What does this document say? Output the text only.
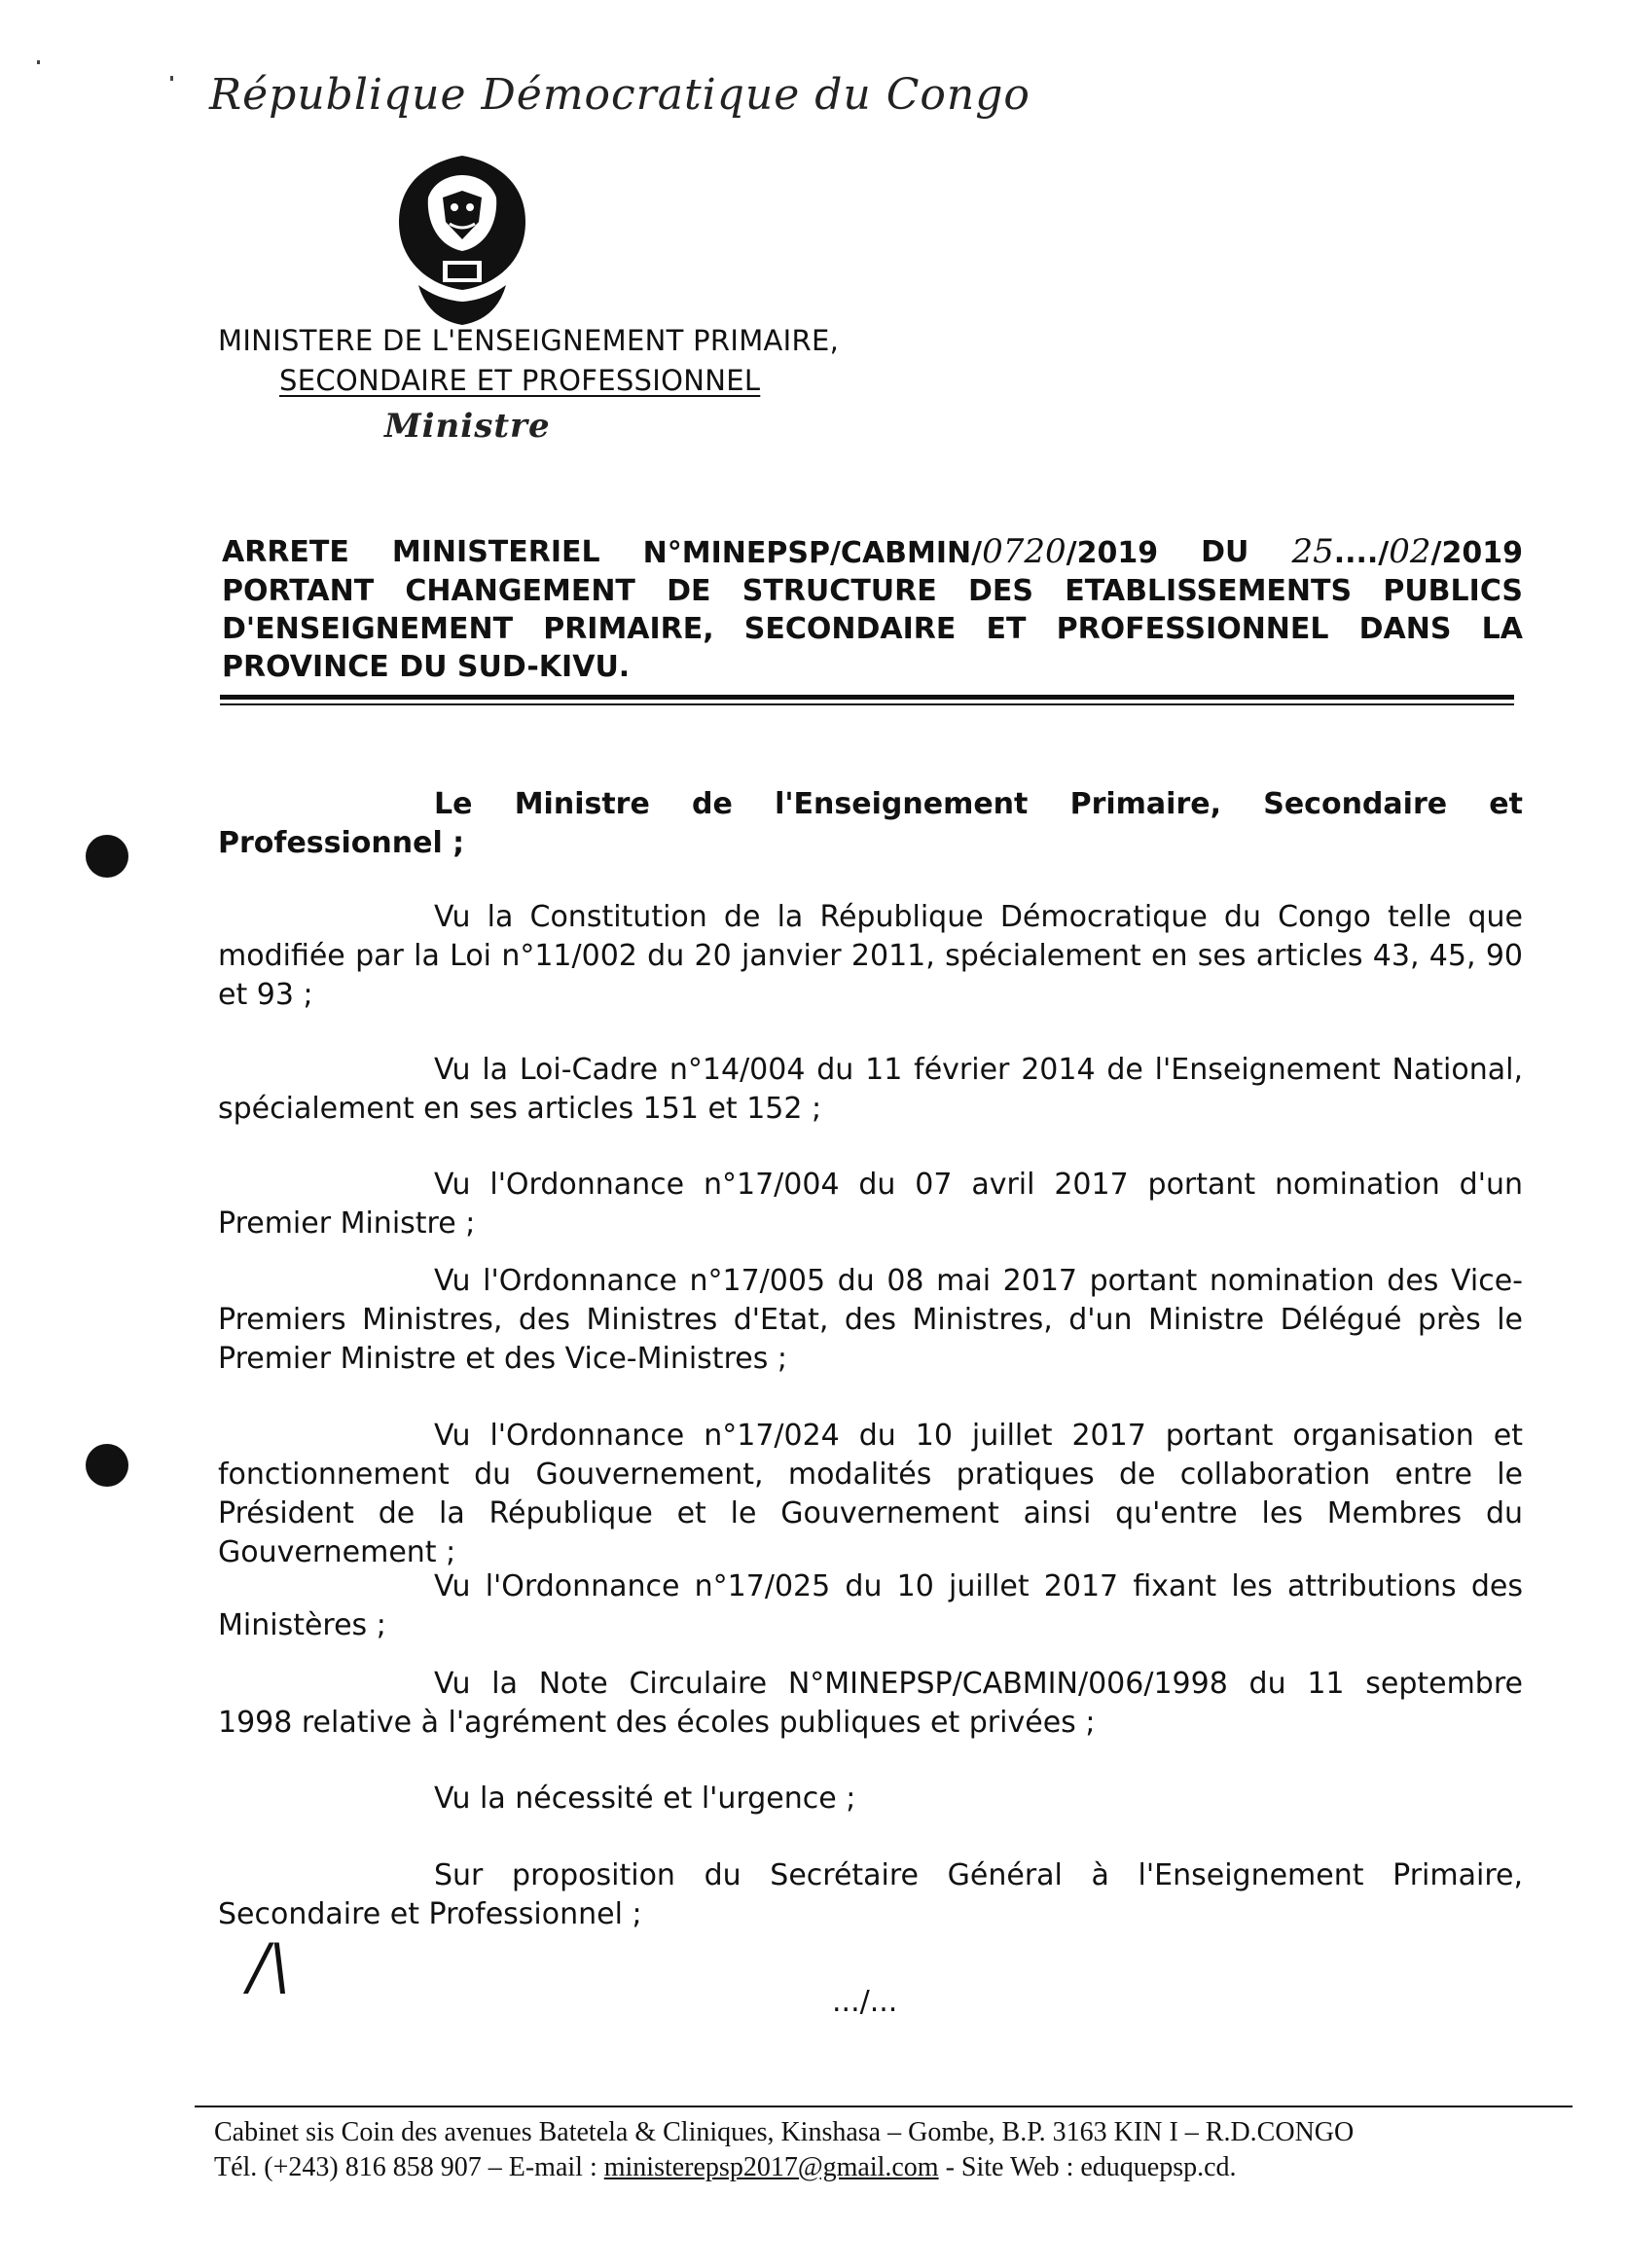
République Démocratique du Congo
MINISTERE DE L'ENSEIGNEMENT PRIMAIRE,
SECONDAIRE ET PROFESSIONNEL
Ministre
ARRETE MINISTERIEL N°MINEPSP/CABMIN/0720/2019 DU 25..../02/2019
PORTANT CHANGEMENT DE STRUCTURE DES ETABLISSEMENTS PUBLICS
D'ENSEIGNEMENT PRIMAIRE, SECONDAIRE ET PROFESSIONNEL DANS LA
PROVINCE DU SUD-KIVU.
Le Ministre de l'Enseignement Primaire, Secondaire et Professionnel ;
Vu la Constitution de la République Démocratique du Congo telle que modifiée par la Loi n°11/002 du 20 janvier 2011, spécialement en ses articles 43, 45, 90 et 93 ;
Vu la Loi-Cadre n°14/004 du 11 février 2014 de l'Enseignement National, spécialement en ses articles 151 et 152 ;
Vu l'Ordonnance n°17/004 du 07 avril 2017 portant nomination d'un Premier Ministre ;
Vu l'Ordonnance n°17/005 du 08 mai 2017 portant nomination des Vice-Premiers Ministres, des Ministres d'Etat, des Ministres, d'un Ministre Délégué près le Premier Ministre et des Vice-Ministres ;
Vu l'Ordonnance n°17/024 du 10 juillet 2017 portant organisation et fonctionnement du Gouvernement, modalités pratiques de collaboration entre le Président de la République et le Gouvernement ainsi qu'entre les Membres du Gouvernement ;
Vu l'Ordonnance n°17/025 du 10 juillet 2017 fixant les attributions des Ministères ;
Vu la Note Circulaire N°MINEPSP/CABMIN/006/1998 du 11 septembre 1998 relative à l'agrément des écoles publiques et privées ;
Vu la nécessité et l'urgence ;
Sur proposition du Secrétaire Général à l'Enseignement Primaire, Secondaire et Professionnel ;
/\	.../...
Cabinet sis Coin des avenues Batetela & Cliniques, Kinshasa – Gombe, B.P. 3163 KIN I – R.D.CONGO
Tél. (+243) 816 858 907 – E-mail : ministerepsp2017@gmail.com - Site Web : eduquepsp.cd.
